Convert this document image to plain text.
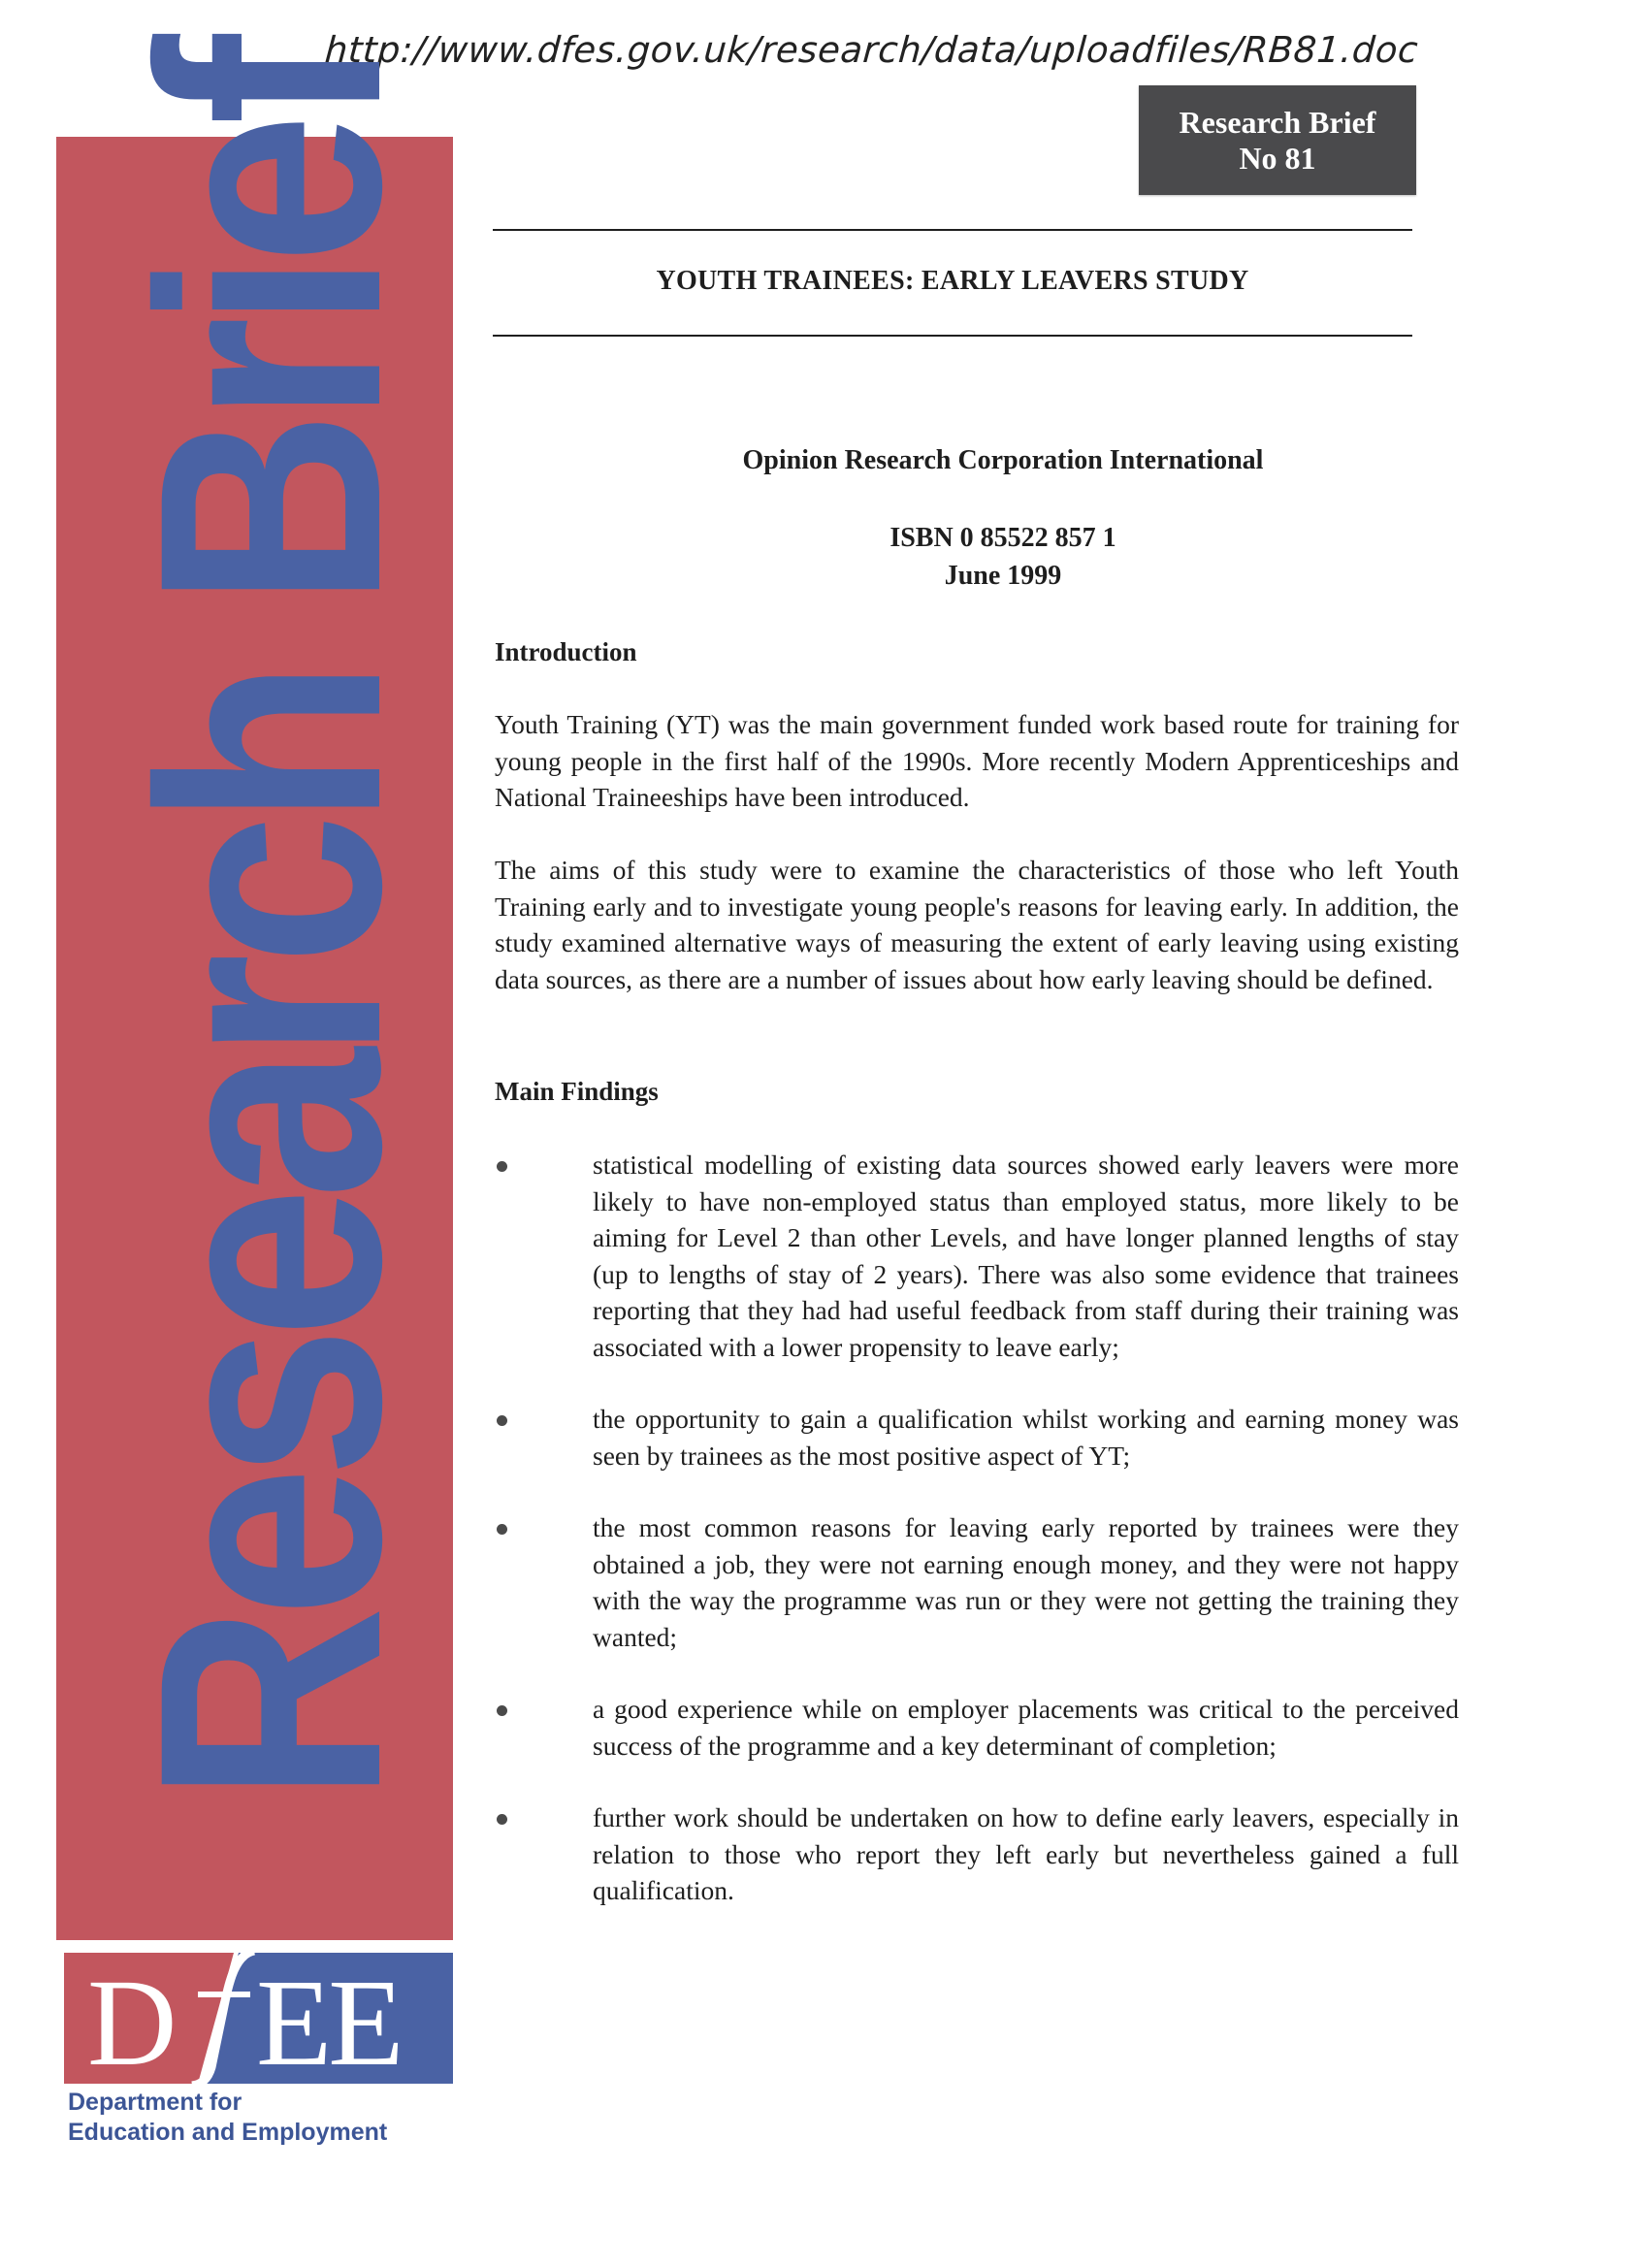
http://www.dfes.gov.uk/research/data/uploadfiles/RB81.doc
Research Brief
No 81
Research Brief
D EE
Department for
Education and Employment
YOUTH TRAINEES: EARLY LEAVERS STUDY
Opinion Research Corporation International
ISBN 0 85522 857 1
June 1999
Introduction
Youth Training (YT) was the main government funded work based route for training for young people in the first half of the 1990s. More recently Modern Apprenticeships and National Traineeships have been introduced.
The aims of this study were to examine the characteristics of those who left Youth Training early and to investigate young people's reasons for leaving early. In addition, the study examined alternative ways of measuring the extent of early leaving using existing data sources, as there are a number of issues about how early leaving should be defined.
Main Findings
statistical modelling of existing data sources showed early leavers were more likely to have non-employed status than employed status, more likely to be aiming for Level 2 than other Levels, and have longer planned lengths of stay (up to lengths of stay of 2 years). There was also some evidence that trainees reporting that they had had useful feedback from staff during their training was associated with a lower propensity to leave early;
the opportunity to gain a qualification whilst working and earning money was seen by trainees as the most positive aspect of YT;
the most common reasons for leaving early reported by trainees were they obtained a job, they were not earning enough money, and they were not happy with the way the programme was run or they were not getting the training they wanted;
a good experience while on employer placements was critical to the perceived success of the programme and a key determinant of completion;
further work should be undertaken on how to define early leavers, especially in relation to those who report they left early but nevertheless gained a full qualification.
